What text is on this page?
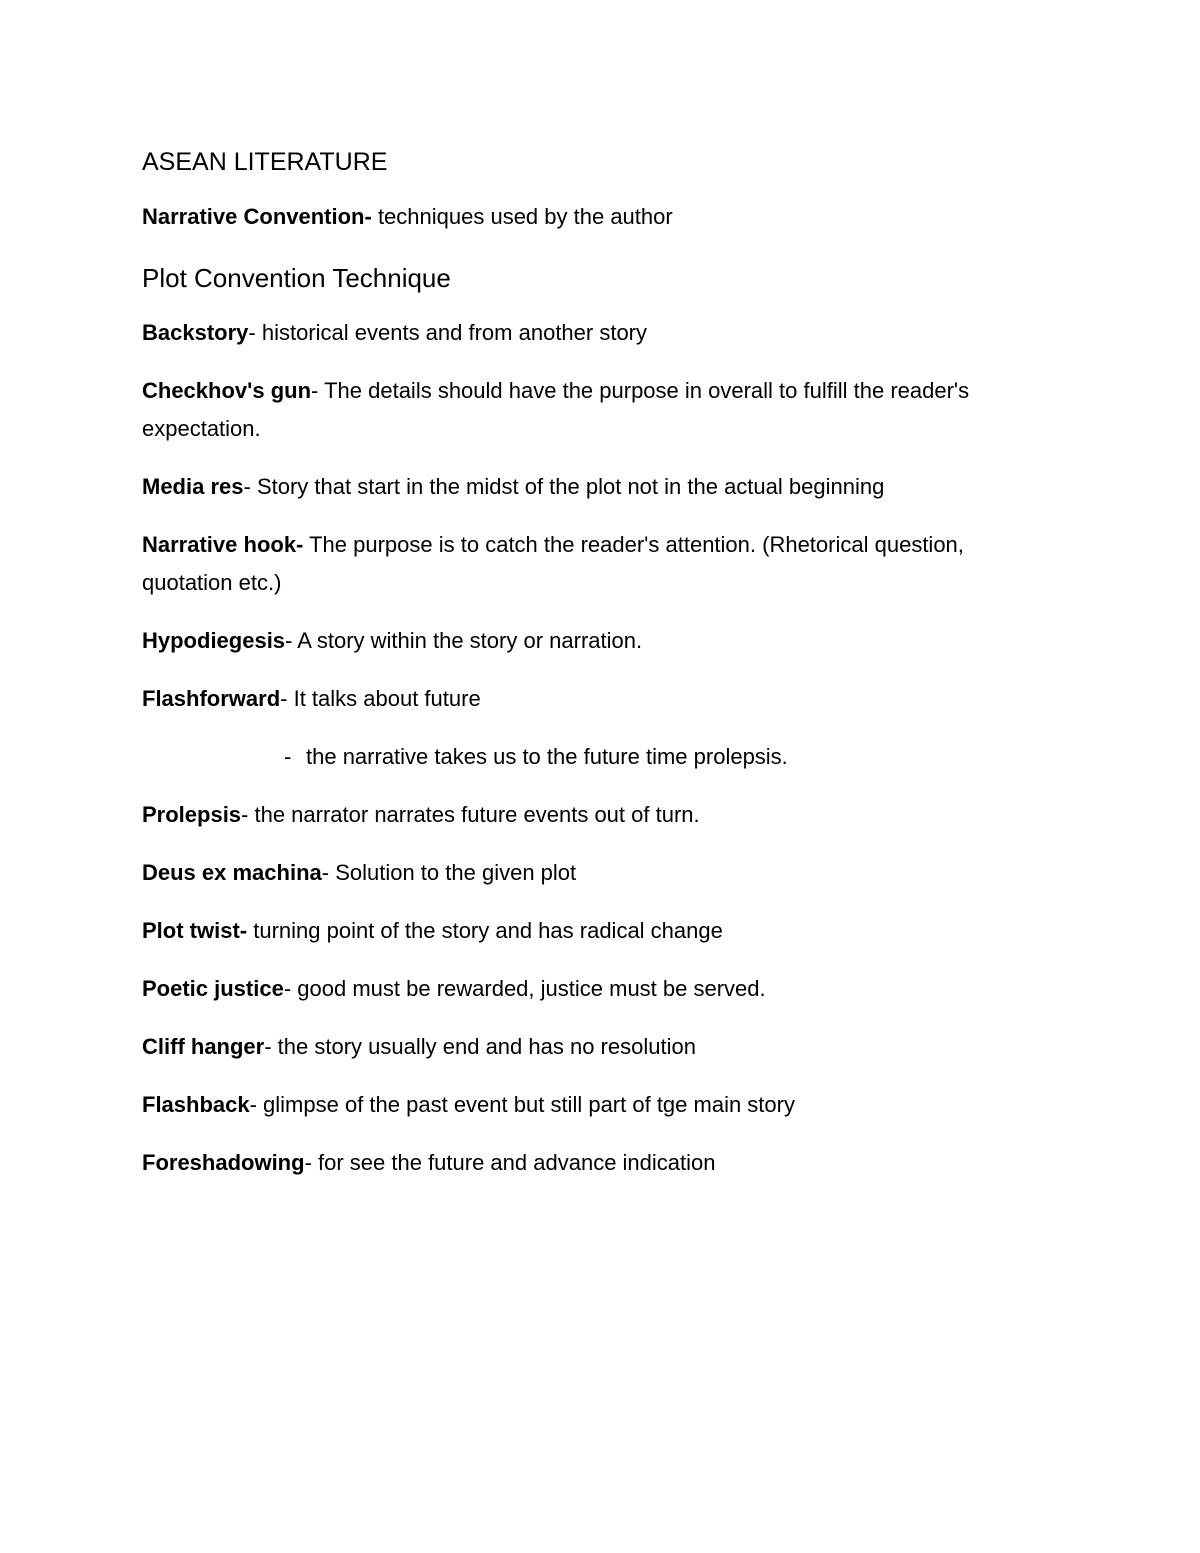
ASEAN LITERATURE
Narrative Convention- techniques used by the author
Plot Convention Technique
Backstory- historical events and from another story
Checkhov's gun- The details should have the purpose in overall to fulfill the reader's expectation.
Media res- Story that start in the midst of the plot not in the actual beginning
Narrative hook- The purpose is to catch the reader's attention. (Rhetorical question, quotation etc.)
Hypodiegesis- A story within the story or narration.
Flashforward- It talks about future
- the narrative takes us to the future time prolepsis.
Prolepsis- the narrator narrates future events out of turn.
Deus ex machina- Solution to the given plot
Plot twist- turning point of the story and has radical change
Poetic justice- good must be rewarded, justice must be served.
Cliff hanger- the story usually end and has no resolution
Flashback- glimpse of the past event but still part of tge main story
Foreshadowing- for see the future and advance indication
